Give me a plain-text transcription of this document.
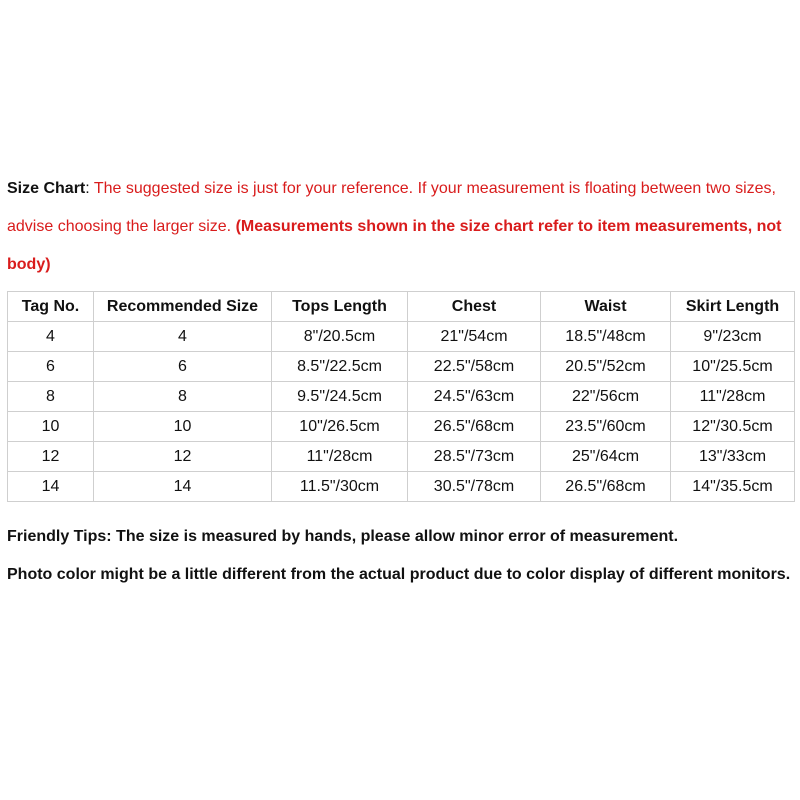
Size Chart: The suggested size is just for your reference. If your measurement is floating between two sizes, advise choosing the larger size. (Measurements shown in the size chart refer to item measurements, not body)
Tag No.	Recommended Size	Tops Length	Chest	Waist	Skirt Length
4	4	8"/20.5cm	21"/54cm	18.5"/48cm	9"/23cm
6	6	8.5"/22.5cm	22.5"/58cm	20.5"/52cm	10"/25.5cm
8	8	9.5"/24.5cm	24.5"/63cm	22"/56cm	11"/28cm
10	10	10"/26.5cm	26.5"/68cm	23.5"/60cm	12"/30.5cm
12	12	11"/28cm	28.5"/73cm	25"/64cm	13"/33cm
14	14	11.5"/30cm	30.5"/78cm	26.5"/68cm	14"/35.5cm

Friendly Tips: The size is measured by hands, please allow minor error of measurement.

Photo color might be a little different from the actual product due to color display of different monitors.
